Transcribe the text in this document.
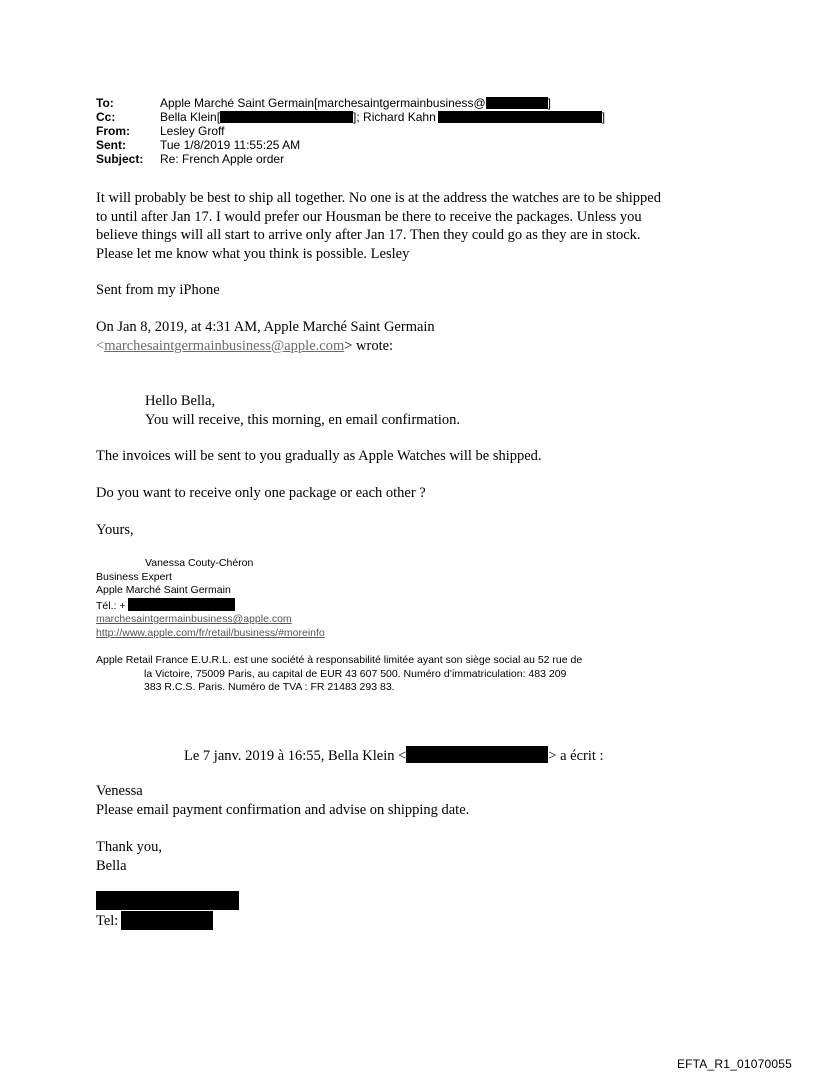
To:	Apple Marché Saint Germain[marchesaintgermainbusiness@	]
Cc:	Bella Klein[	]; Richard Kahn	]
From:	Lesley Groff
Sent:	Tue 1/8/2019 11:55:25 AM
Subject: Re: French Apple order
It will probably be best to ship all together. No one is at the address the watches are to be shipped
to until after Jan 17. I would prefer our Housman be there to receive the packages. Unless you
believe things will all start to arrive only after Jan 17. Then they could go as they are in stock.
Please let me know what you think is possible. Lesley
Sent from my iPhone
On Jan 8, 2019, at 4:31 AM, Apple Marché Saint Germain
<marchesaintgermainbusiness@apple.com> wrote:
Hello Bella,
You will receive, this morning, en email confirmation.
The invoices will be sent to you gradually as Apple Watches will be shipped.
Do you want to receive only one package or each other ?
Yours,
Vanessa Couty-Chéron
Business Expert
Apple Marché Saint Germain
Tél.: +
marchesaintgermainbusiness@apple.com
http://www.apple.com/fr/retail/business/#moreinfo
Apple Retail France E.U.R.L. est une société à responsabilité limitée ayant son siège social au 52 rue de
la Victoire, 75009 Paris, au capital de EUR 43 607 500. Numéro d’immatriculation: 483 209
383 R.C.S. Paris. Numéro de TVA : FR 21483 293 83.
Le 7 janv. 2019 à 16:55, Bella Klein <	> a écrit :
Venessa
Please email payment confirmation and advise on shipping date.
Thank you,
Bella
Tel:
EFTA_R1_01070055
